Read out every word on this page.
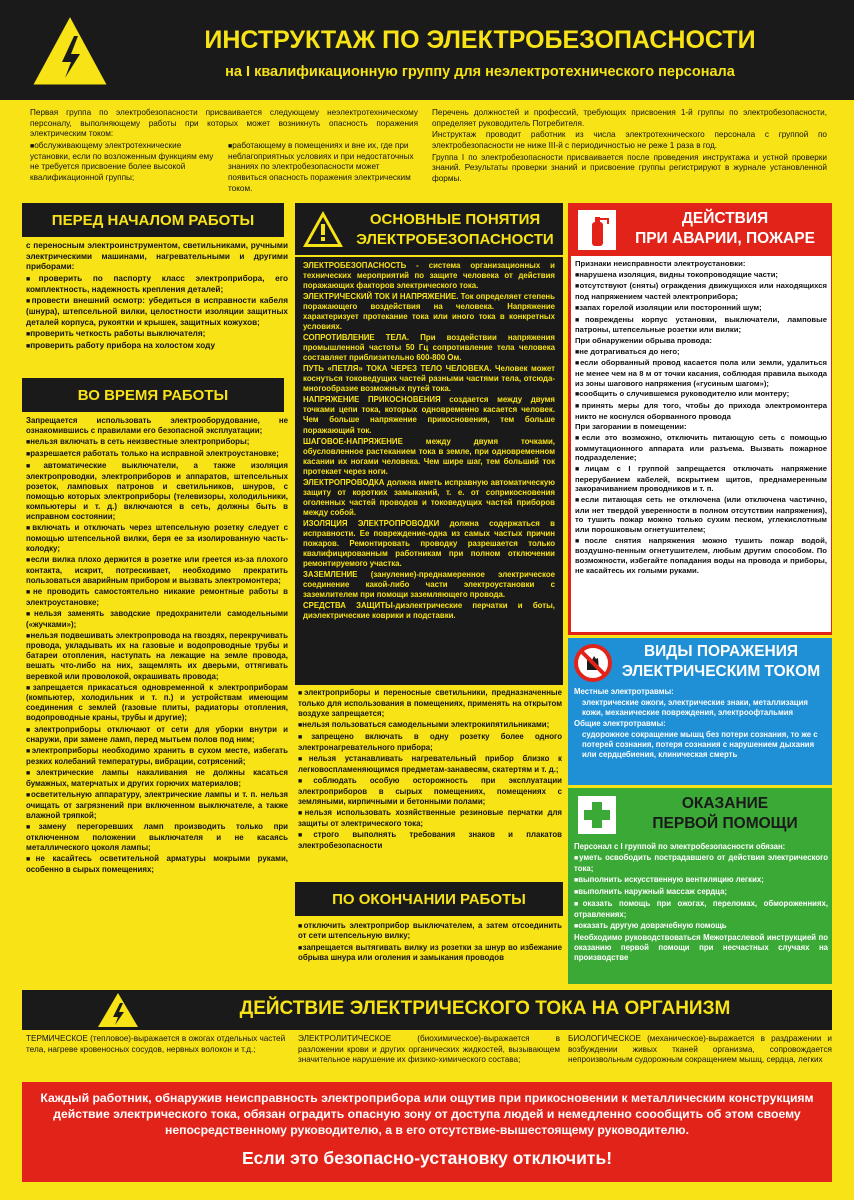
ИНСТРУКТАЖ ПО ЭЛЕКТРОБЕЗОПАСНОСТИ
на I квалификационную группу для неэлектротехнического персонала

Первая группа по электробезопасности присваивается следующему неэлектротехническому персоналу, выполняющему работы при которых может возникнуть опасность поражения электрическим током:

■ обслуживающему электротехнические установки, если по возложенным функциям ему не требуется присвоение более высокой квалификационной группы;

■ работающему в помещениях и вне их, где при неблагоприятных условиях и при недостаточных знаниях по электробезопасности может появиться опасность поражения электрическим током.

Перечень должностей и профессий, требующих присвоения 1-й группы по электробезопасности, определяет руководитель Потребителя.

Инструктаж проводит работник из числа электротехнического персонала с группой по электробезопасности не ниже III-й с периодичностью не реже 1 раза в год.

Группа I по электробезопасности присваивается после проведения инструктажа и устной проверки знаний. Результаты проверки знаний и присвоение группы регистрируют в журнале установленной формы.

ПЕРЕД НАЧАЛОМ РАБОТЫ

с переносным электроинструментом, светильниками, ручными электрическими машинами, нагревательными и другими приборами:

■ проверить по паспорту класс электроприбора, его комплектность, надежность крепления деталей;

■ провести внешний осмотр: убедиться в исправности кабеля (шнура), штепсельной вилки, целостности изоляции защитных деталей корпуса, рукоятки и крышек, защитных кожухов;

■ проверить четкость работы выключателя;

■ проверить работу прибора на холостом ходу

ВО ВРЕМЯ РАБОТЫ

Запрещается использовать электрооборудование, не ознакомившись с правилами его безопасной эксплуатации;

■ нельзя включать в сеть неизвестные электроприборы;

■ разрешается работать только на исправной электроустановке;

■ автоматические выключатели, а также изоляция электропроводки, электроприборов и аппаратов, штепсельных розеток, ламповых патронов и светильников, шнуров, с помощью которых электроприборы (телевизоры, холодильники, компьютеры и т. д.) включаются в сеть, должны быть в исправном состоянии;

■ включать и отключать через штепсельную розетку следует с помощью штепсельной вилки, беря ее за изолированную часть-колодку;

■ если вилка плохо держится в розетке или греется из-за плохого контакта, искрит, потрескивает, необходимо прекратить пользоваться аварийным прибором и вызвать электромонтера;

■ не проводить самостоятельно никакие ремонтные работы в электроустановке;

■ нельзя заменять заводские предохранители самодельными («жучками»);

■ нельзя подвешивать электропровода на гвоздях, перекручивать провода, укладывать их на газовые и водопроводные трубы и батареи отопления, наступать на лежащие на земле провода, вешать что-либо на них, защемлять их дверьми, оттягивать веревкой или проволокой, окрашивать провода;

■ запрещается прикасаться одновременной к электроприборам (компьютер, холодильник и т. п.) и устройствам имеющим соединения с землей (газовые плиты, радиаторы отопления, водопроводные краны, трубы и другие);

■ электроприборы отключают от сети для уборки внутри и снаружи, при замене ламп, перед мытьем полов под ним;

■ электроприборы необходимо хранить в сухом месте, избегать резких колебаний температуры, вибрации, сотрясений;

■ электрические лампы накаливания не должны касаться бумажных, матерчатых и других горючих материалов;

■ осветительную аппаратуру, электрические лампы и т. п. нельзя очищать от загрязнений при включенном выключателе, а также влажной тряпкой;

■ замену перегоревших ламп производить только при отключенном положении выключателя и не касаясь металлического цоколя лампы;

■ не касайтесь осветительной арматуры мокрыми руками, особенно в сырых помещениях;

ОСНОВНЫЕ ПОНЯТИЯ
ЭЛЕКТРОБЕЗОПАСНОСТИ

ЭЛЕКТРОБЕЗОПАСНОСТЬ - система организационных и технических мероприятий по защите человека от действия поражающих факторов электрического тока.

ЭЛЕКТРИЧЕСКИЙ ТОК И НАПРЯЖЕНИЕ. Ток определяет степень поражающего воздействия на человека. Напряжение характеризует протекание тока или иного тока в конкретных условиях.

СОПРОТИВЛЕНИЕ ТЕЛА. При воздействии напряжения промышленной частоты 50 Гц сопротивление тела человека составляет приблизительно 600-800 Ом.

ПУТЬ «ПЕТЛЯ» ТОКА ЧЕРЕЗ ТЕЛО ЧЕЛОВЕКА. Человек может коснуться токоведущих частей разными частями тела, отсюда-многообразие возможных путей тока.

НАПРЯЖЕНИЕ ПРИКОСНОВЕНИЯ создается между двумя точками цепи тока, которых одновременно касается человек. Чем больше напряжение прикосновения, тем больше поражающий ток.

ШАГОВОЕ-НАПРЯЖЕНИЕ между двумя точками, обусловленное растеканием тока в земле, при одновременном касании их ногами человека. Чем шире шаг, тем больший ток протекает через ноги.

ЭЛЕКТРОПРОВОДКА должна иметь исправную автоматическую защиту от коротких замыканий, т. е. от соприкосновения оголенных частей проводов и токоведущих частей приборов между собой.

ИЗОЛЯЦИЯ ЭЛЕКТРОПРОВОДКИ должна содержаться в исправности. Ее повреждение-одна из самых частых причин пожаров. Ремонтировать проводку разрешается только квалифицированным работникам при полном отключении ремонтируемого участка.

ЗАЗЕМЛЕНИЕ (зануление)-преднамеренное электрическое соединение какой-либо части электроустановки с заземлителем при помощи заземляющего провода.

СРЕДСТВА ЗАЩИТЫ-диэлектрические перчатки и боты, диэлектрические коврики и подставки.

■ электроприборы и переносные светильники, предназначенные только для использования в помещениях, применять на открытом воздухе запрещается;

■ нельзя пользоваться самодельными электрокипятильниками;

■ запрещено включать в одну розетку более одного электронагревательного прибора;

■ нельзя устанавливать нагревательный прибор близко к легковоспламеняющимся предметам-занавесям, скатертям и т. д.;

■ соблюдать особую осторожность при эксплуатации электроприборов в сырых помещениях, помещениях с земляными, кирпичными и бетонными полами;

■ нельзя использовать хозяйственные резиновые перчатки для защиты от электрического тока;

■ строго выполнять требования знаков и плакатов электробезопасности

ПО ОКОНЧАНИИ РАБОТЫ

■ отключить электроприбор выключателем, а затем отсоединить от сети штепсельную вилку;

■ запрещается вытягивать вилку из розетки за шнур во избежание обрыва шнура или оголения и замыкания проводов

ДЕЙСТВИЯ
ПРИ АВАРИИ, ПОЖАРЕ

Признаки неисправности электроустановки:

■ нарушена изоляция, видны токопроводящие части;

■ отсутствуют (сняты) ограждения движущихся или находящихся под напряжением частей электроприбора;

■ запах горелой изоляции или посторонний шум;

■ повреждены корпус установки, выключатели, ламповые патроны, штепсельные розетки или вилки;

При обнаружении обрыва провода:

■ не дотрагиваться до него;

■ если оборванный провод касается пола или земли, удалиться не менее чем на 8 м от точки касания, соблюдая правила выхода из зоны шагового напряжения («гусиным шагом»);

■ сообщить о случившемся руководителю или монтеру;

■ принять меры для того, чтобы до прихода электромонтера никто не коснулся оборванного провода

При загорании в помещении:

■ если это возможно, отключить питающую сеть с помощью коммутационного аппарата или разъема. Вызвать пожарное подразделение;

■ лицам с I группой запрещается отключать напряжение перерубанием кабелей, вскрытием щитов, преднамеренным закорачиванием проводников и т. п.

■ если питающая сеть не отключена (или отключена частично, или нет твердой уверенности в полном отсутствии напряжения), то тушить пожар можно только сухим песком, углекислотным или порошковым огнетушителем;

■ после снятия напряжения можно тушить пожар водой, воздушно-пенным огнетушителем, любым другим способом. По возможности, избегайте попадания воды на провода и приборы, не касайтесь их голыми руками.

ВИДЫ ПОРАЖЕНИЯ
ЭЛЕКТРИЧЕСКИМ ТОКОМ

Местные электротравмы:

электрические ожоги, электрические знаки, металлизация кожи, механические повреждения, электроофтальмия

Общие электротравмы:

судорожное сокращение мышц без потери сознания, то же с потерей сознания, потеря сознания с нарушением дыхания или сердцебиения, клиническая смерть

ОКАЗАНИЕ
ПЕРВОЙ ПОМОЩИ

Персонал с I группой по электробезопасности обязан:

■ уметь освободить пострадавшего от действия электрического тока;

■ выполнить искусственную вентиляцию легких;

■ выполнить наружный массаж сердца;

■ оказать помощь при ожогах, переломах, обмороженниях, отравлениях;

■ оказать другую доврачебную помощь

Необходимо руководствоваться Межотраслевой инструкцией по оказанию первой помощи при несчастных случаях на производстве

ДЕЙСТВИЕ ЭЛЕКТРИЧЕСКОГО ТОКА НА ОРГАНИЗМ
ТЕРМИЧЕСКОЕ (тепловое)-выражается в ожогах отдельных частей тела, нагреве кровеносных сосудов, нервных волокон и т.д.;
ЭЛЕКТРОЛИТИЧЕСКОЕ (биохимическое)-выражается в разложении крови и других органических жидкостей, вызывающем значительное нарушение их физико-химического состава;
БИОЛОГИЧЕСКОЕ (механическое)-выражается в раздражении и возбуждении живых тканей организма, сопровождается непроизвольным судорожным сокращением мышц, сердца, легких
Каждый работник, обнаружив неисправность электроприбора или ощутив при прикосновении к металлическим конструкциям действие электрического тока, обязан оградить опасную зону от доступа людей и немедленно соообщить об этом своему непосредственному руководителю, а в его отсутствие-вышестоящему руководителю.
Если это безопасно-установку отключить!
